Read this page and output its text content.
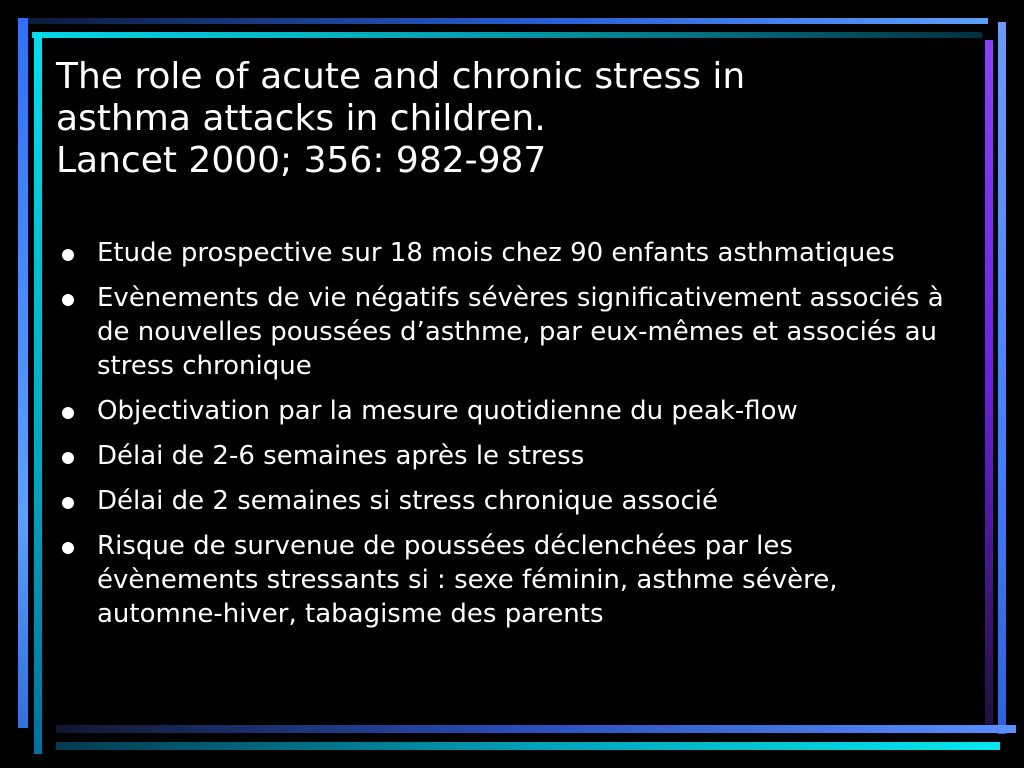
The role of acute and chronic stress in
asthma attacks in children.
Lancet 2000; 356: 982-987
Etude prospective sur 18 mois chez 90 enfants asthmatiques
Evènements de vie négatifs sévères significativement associés à de nouvelles poussées d’asthme, par eux-mêmes et associés au stress chronique
Objectivation par la mesure quotidienne du peak-flow
Délai de 2-6 semaines après le stress
Délai de 2 semaines si stress chronique associé
Risque de survenue de poussées déclenchées par les évènements stressants si : sexe féminin, asthme sévère, automne-hiver, tabagisme des parents
